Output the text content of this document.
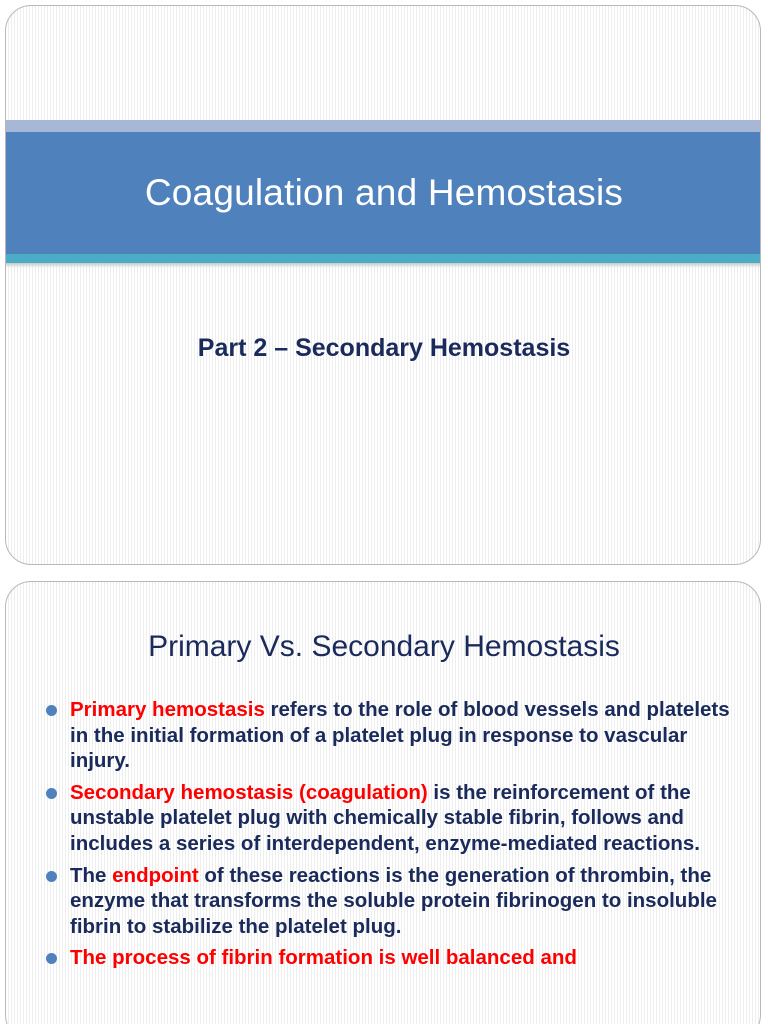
Coagulation and Hemostasis
Part 2 – Secondary Hemostasis
Primary Vs. Secondary Hemostasis
Primary hemostasis refers to the role of blood vessels and platelets in the initial formation of a platelet plug in response to vascular injury.
Secondary hemostasis (coagulation) is the reinforcement of the unstable platelet plug with chemically stable fibrin, follows and includes a series of interdependent, enzyme-mediated reactions.
The endpoint of these reactions is the generation of thrombin, the enzyme that transforms the soluble protein fibrinogen to insoluble fibrin to stabilize the platelet plug.
The process of fibrin formation is well balanced and
